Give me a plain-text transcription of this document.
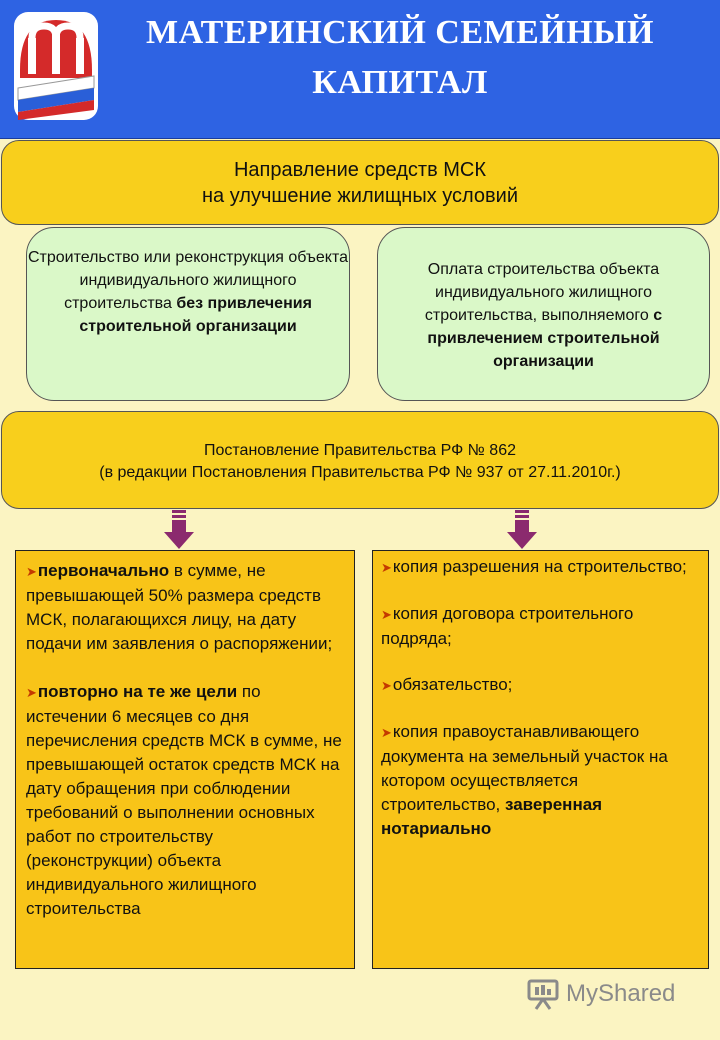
МАТЕРИНСКИЙ СЕМЕЙНЫЙ
КАПИТАЛ
Направление средств МСК
на улучшение жилищных условий
Строительство или реконструкция объекта индивидуального жилищного строительства без привлечения строительной организации
Оплата строительства объекта индивидуального жилищного строительства, выполняемого с привлечением строительной организации
Постановление Правительства РФ № 862
(в редакции Постановления Правительства РФ № 937 от 27.11.2010г.)
➤первоначально в сумме, не превышающей 50% размера средств МСК, полагающихся лицу, на дату подачи им заявления о распоряжении;
➤повторно на те же цели по истечении 6 месяцев со дня перечисления средств МСК в сумме, не превышающей остаток средств МСК на дату обращения при соблюдении требований о выполнении основных работ по строительству (реконструкции) объекта индивидуального жилищного строительства
➤копия разрешения на строительство;
➤копия договора строительного подряда;
➤обязательство;
➤копия правоустанавливающего документа на земельный участок на котором осуществляется строительство, заверенная нотариально
MyShared
